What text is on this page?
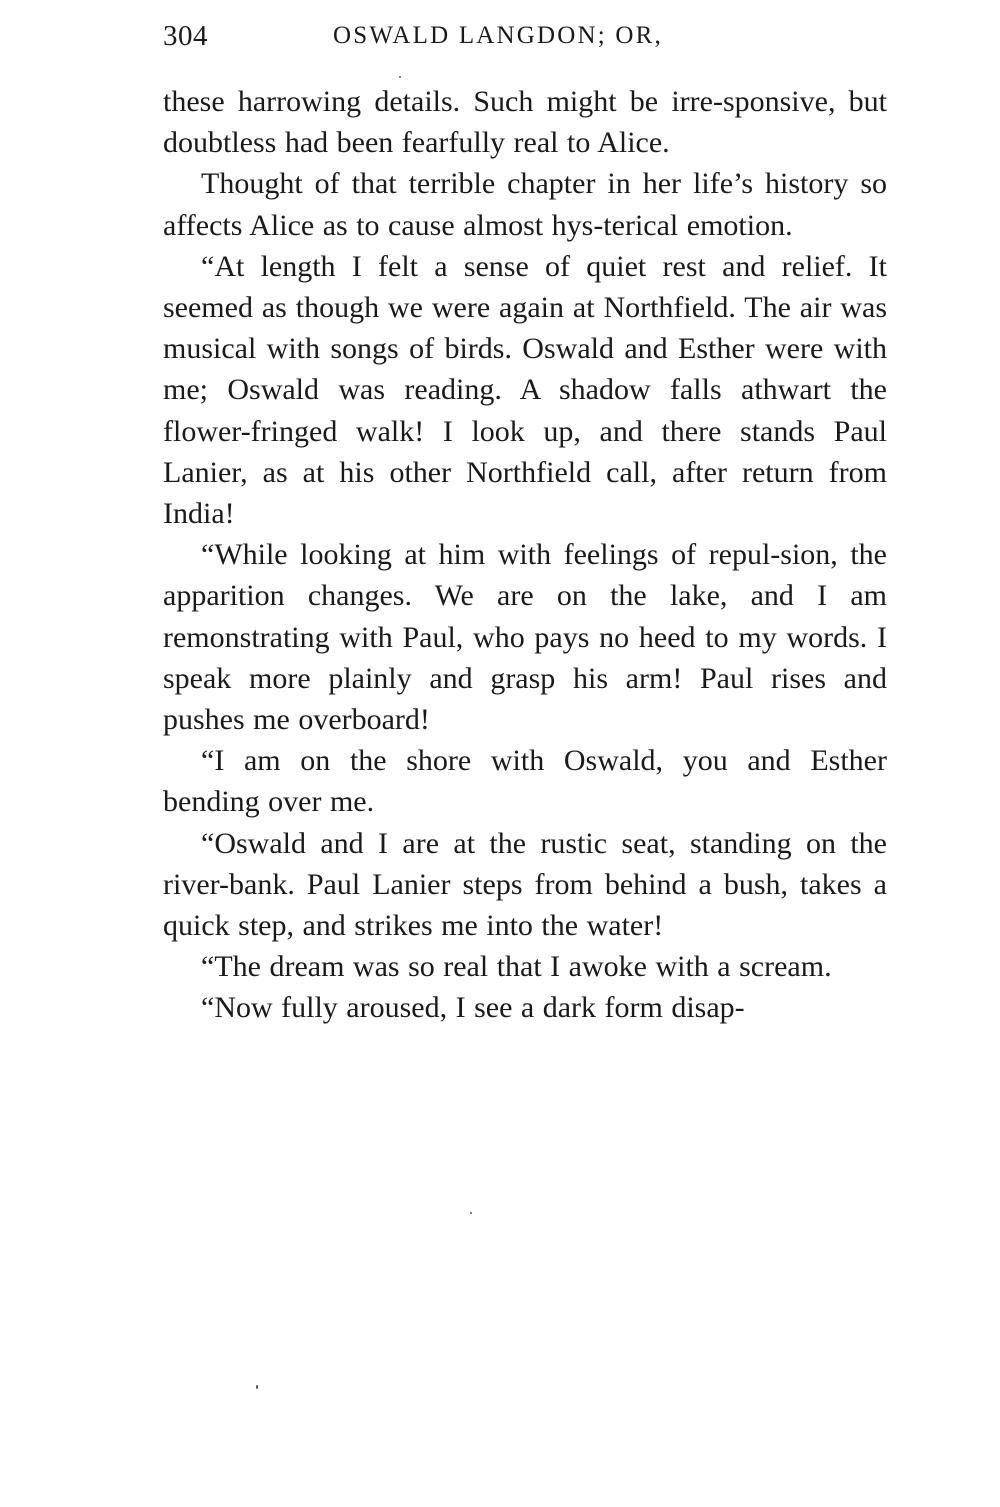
304	OSWALD LANGDON; OR,

these harrowing details. Such might be irre-sponsive, but doubtless had been fearfully real to Alice.

Thought of that terrible chapter in her life’s history so affects Alice as to cause almost hys-terical emotion.

“At length I felt a sense of quiet rest and relief. It seemed as though we were again at Northfield. The air was musical with songs of birds. Oswald and Esther were with me; Oswald was reading. A shadow falls athwart the flower-fringed walk! I look up, and there stands Paul Lanier, as at his other Northfield call, after return from India!

“While looking at him with feelings of repul-sion, the apparition changes. We are on the lake, and I am remonstrating with Paul, who pays no heed to my words. I speak more plainly and grasp his arm! Paul rises and pushes me overboard!

“I am on the shore with Oswald, you and Esther bending over me.

“Oswald and I are at the rustic seat, standing on the river-bank. Paul Lanier steps from behind a bush, takes a quick step, and strikes me into the water!

“The dream was so real that I awoke with a scream.

“Now fully aroused, I see a dark form disap-
